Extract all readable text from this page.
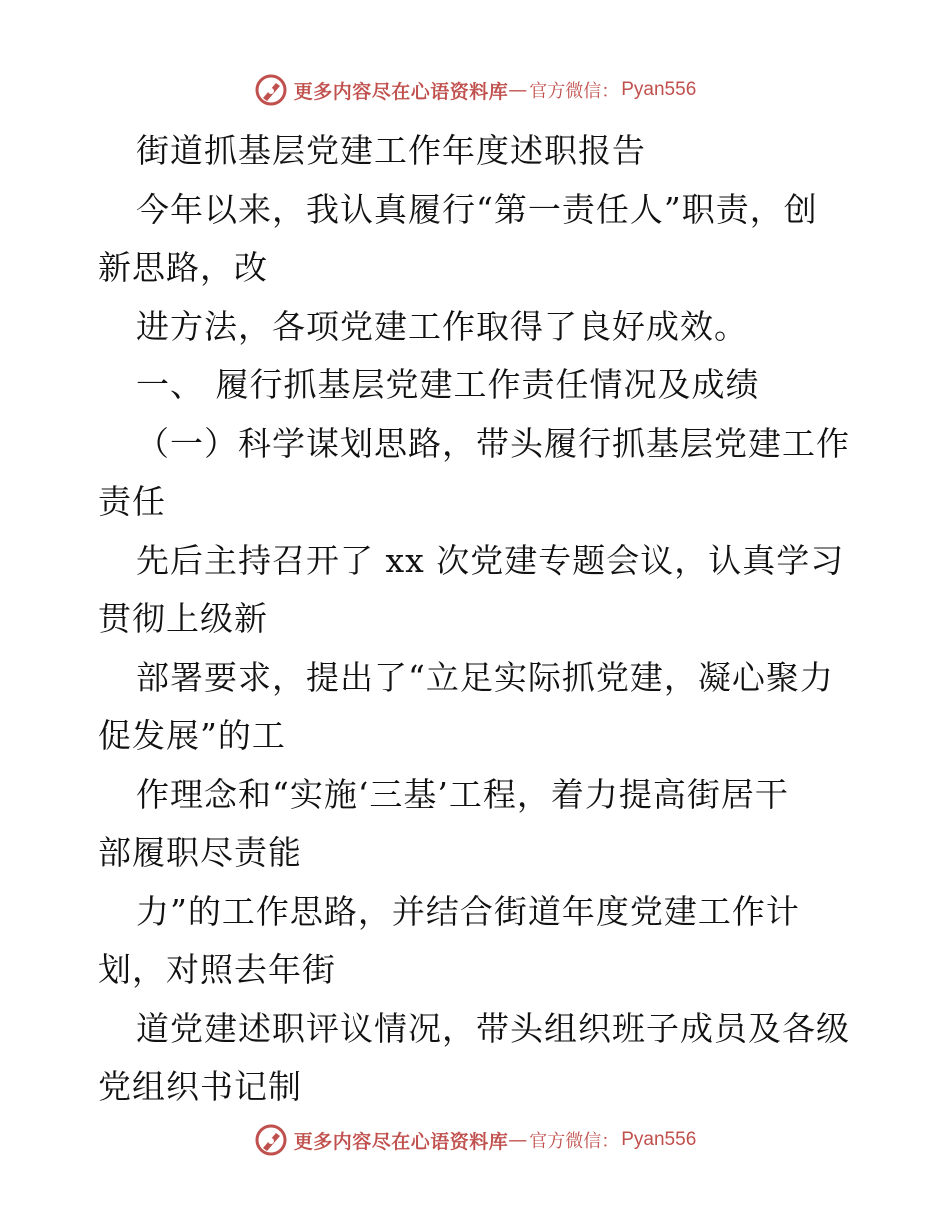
更多内容尽在心语资料库 — 官方微信： Pyan556
街道抓基层党建工作年度述职报告
今年以来，我认真履行“第一责任人”职责，创
新思路，改
进方法，各项党建工作取得了良好成效。
一、 履行抓基层党建工作责任情况及成绩
（一）科学谋划思路，带头履行抓基层党建工作
责任
先后主持召开了 xx 次党建专题会议，认真学习
贯彻上级新
部署要求，提出了“立足实际抓党建，凝心聚力
促发展”的工
作理念和“实施‘三基’工程，着力提高街居干
部履职尽责能
力”的工作思路，并结合街道年度党建工作计
划，对照去年街
道党建述职评议情况，带头组织班子成员及各级
党组织书记制
更多内容尽在心语资料库 — 官方微信： Pyan556
